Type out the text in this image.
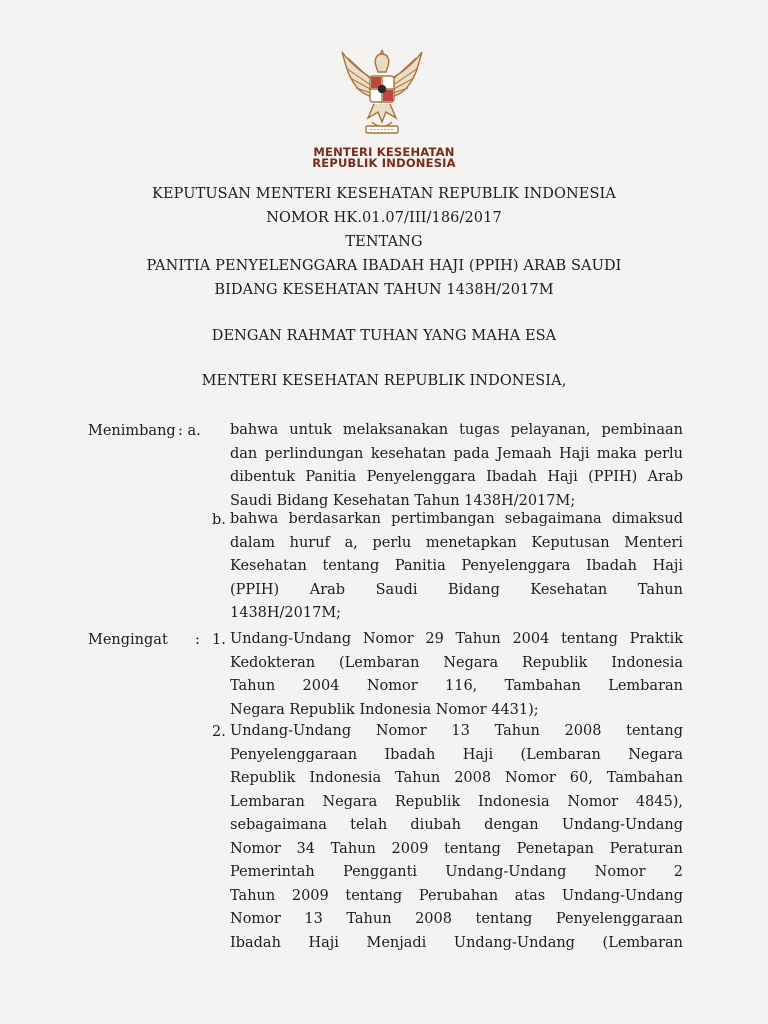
MENTERI KESEHATAN
REPUBLIK INDONESIA
KEPUTUSAN MENTERI KESEHATAN REPUBLIK INDONESIA
NOMOR HK.01.07/III/186/2017
TENTANG
PANITIA PENYELENGGARA IBADAH HAJI (PPIH) ARAB SAUDI
BIDANG KESEHATAN TAHUN 1438H/2017M
DENGAN RAHMAT TUHAN YANG MAHA ESA
MENTERI KESEHATAN REPUBLIK INDONESIA,
Menimbang : a. bahwa untuk melaksanakan tugas pelayanan, pembinaan
dan perlindungan kesehatan pada Jemaah Haji maka perlu
dibentuk Panitia Penyelenggara Ibadah Haji (PPIH) Arab
Saudi Bidang Kesehatan Tahun 1438H/2017M;
b. bahwa berdasarkan pertimbangan sebagaimana dimaksud
dalam huruf a, perlu menetapkan Keputusan Menteri
Kesehatan tentang Panitia Penyelenggara Ibadah Haji
(PPIH) Arab Saudi Bidang Kesehatan Tahun
1438H/2017M;
Mengingat : 1. Undang-Undang Nomor 29 Tahun 2004 tentang Praktik
Kedokteran (Lembaran Negara Republik Indonesia
Tahun 2004 Nomor 116, Tambahan Lembaran
Negara Republik Indonesia Nomor 4431);
2. Undang-Undang Nomor 13 Tahun 2008 tentang
Penyelenggaraan Ibadah Haji (Lembaran Negara
Republik Indonesia Tahun 2008 Nomor 60, Tambahan
Lembaran Negara Republik Indonesia Nomor 4845),
sebagaimana telah diubah dengan Undang-Undang
Nomor 34 Tahun 2009 tentang Penetapan Peraturan
Pemerintah Pengganti Undang-Undang Nomor 2
Tahun 2009 tentang Perubahan atas Undang-Undang
Nomor 13 Tahun 2008 tentang Penyelenggaraan
Ibadah Haji Menjadi Undang-Undang (Lembaran
